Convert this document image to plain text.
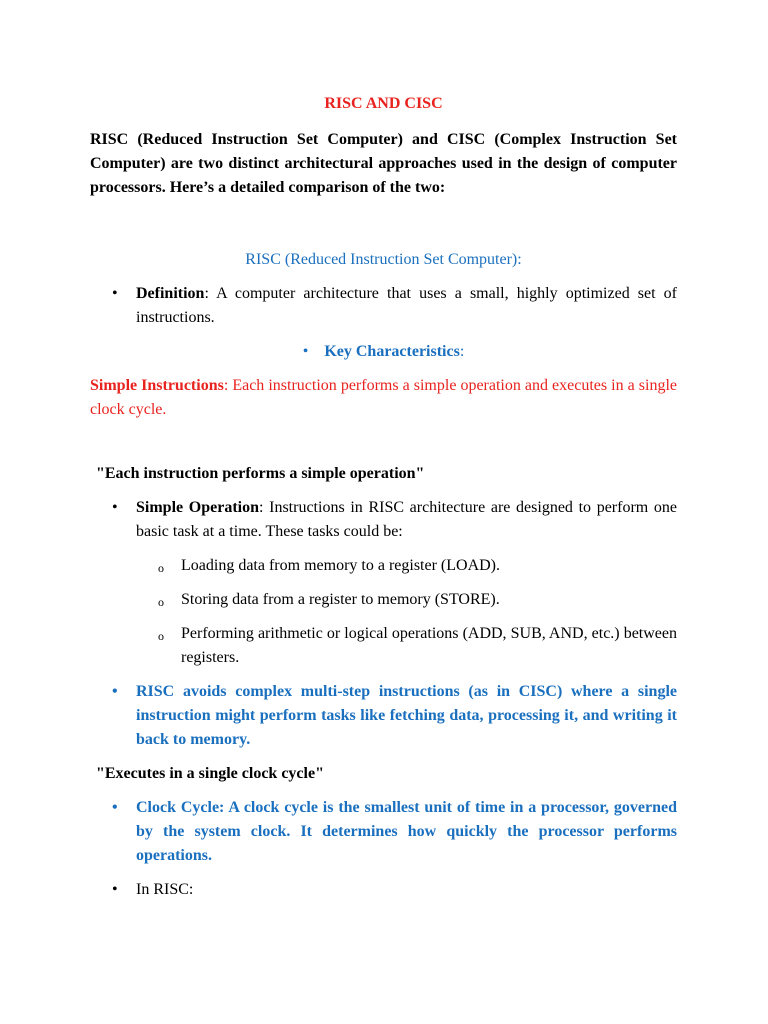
RISC AND CISC

RISC (Reduced Instruction Set Computer) and CISC (Complex Instruction Set Computer) are two distinct architectural approaches used in the design of computer processors. Here’s a detailed comparison of the two:

RISC (Reduced Instruction Set Computer):

• Definition: A computer architecture that uses a small, highly optimized set of instructions.
• Key Characteristics:

Simple Instructions: Each instruction performs a simple operation and executes in a single clock cycle.

"Each instruction performs a simple operation"

• Simple Operation: Instructions in RISC architecture are designed to perform one basic task at a time. These tasks could be:
o Loading data from memory to a register (LOAD).
o Storing data from a register to memory (STORE).
o Performing arithmetic or logical operations (ADD, SUB, AND, etc.) between registers.
• RISC avoids complex multi-step instructions (as in CISC) where a single instruction might perform tasks like fetching data, processing it, and writing it back to memory.

"Executes in a single clock cycle"

• Clock Cycle: A clock cycle is the smallest unit of time in a processor, governed by the system clock. It determines how quickly the processor performs operations.
• In RISC:
